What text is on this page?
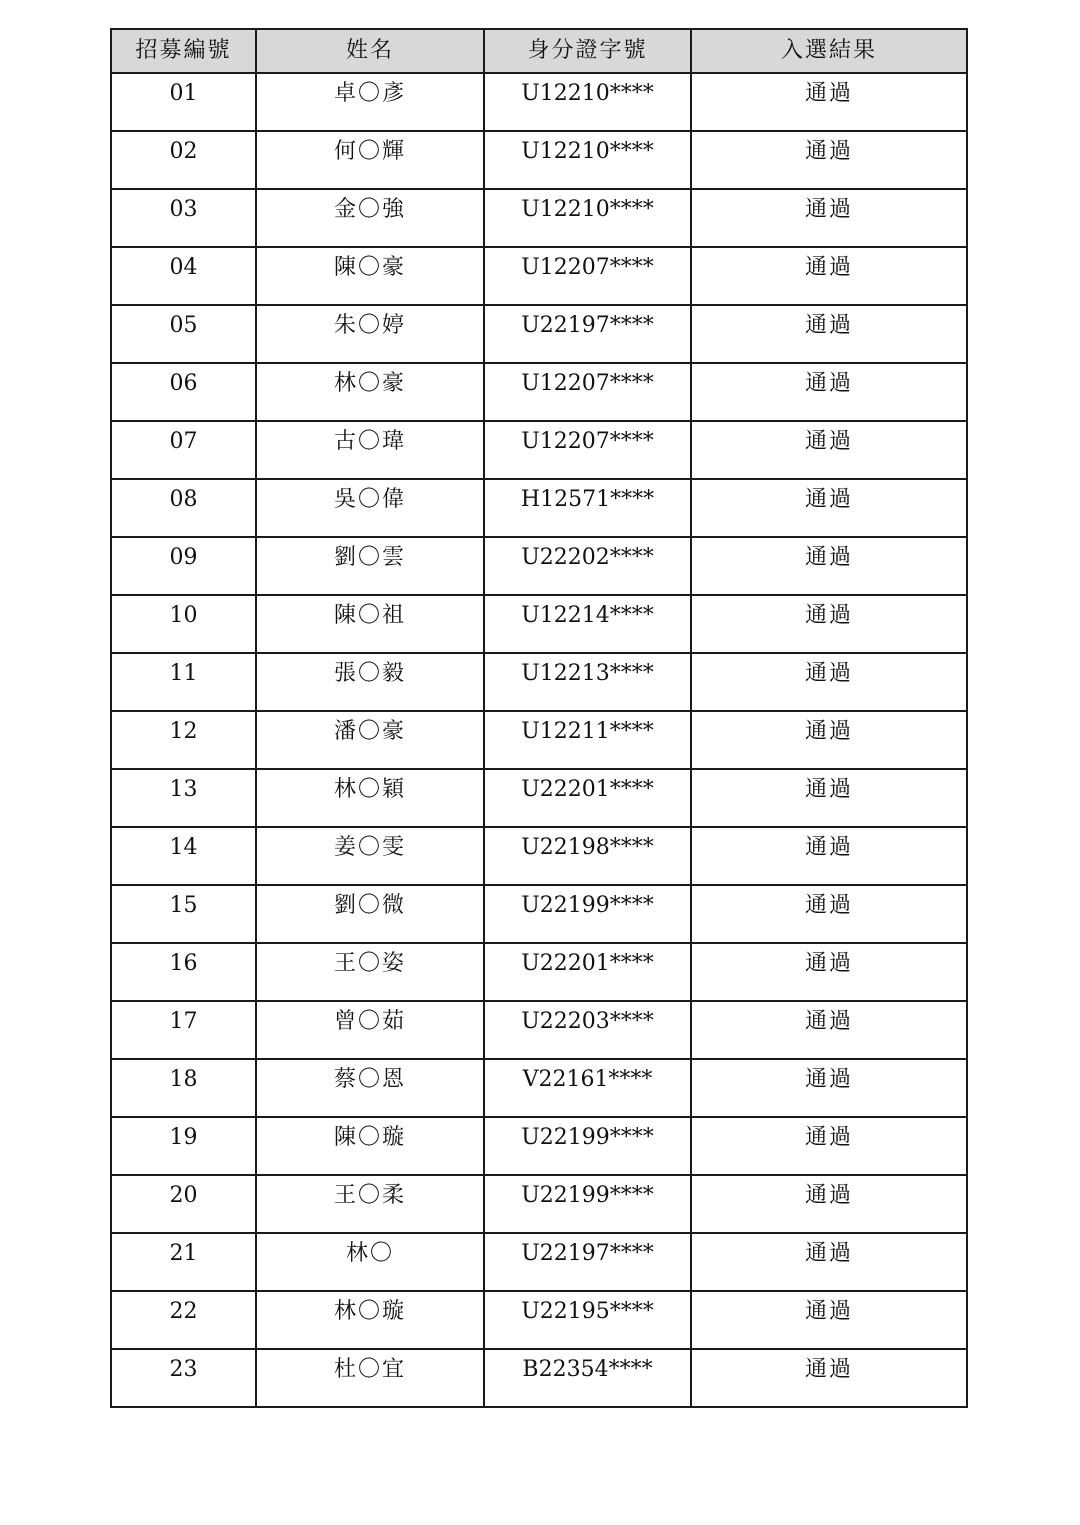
招募編號	姓名	身分證字號	入選結果
01	卓〇彥	U12210****	通過
02	何〇輝	U12210****	通過
03	金〇強	U12210****	通過
04	陳〇豪	U12207****	通過
05	朱〇婷	U22197****	通過
06	林〇豪	U12207****	通過
07	古〇瑋	U12207****	通過
08	吳〇偉	H12571****	通過
09	劉〇雲	U22202****	通過
10	陳〇祖	U12214****	通過
11	張〇毅	U12213****	通過
12	潘〇豪	U12211****	通過
13	林〇穎	U22201****	通過
14	姜〇雯	U22198****	通過
15	劉〇微	U22199****	通過
16	王〇姿	U22201****	通過
17	曾〇茹	U22203****	通過
18	蔡〇恩	V22161****	通過
19	陳〇璇	U22199****	通過
20	王〇柔	U22199****	通過
21	林〇	U22197****	通過
22	林〇璇	U22195****	通過
23	杜〇宜	B22354****	通過
